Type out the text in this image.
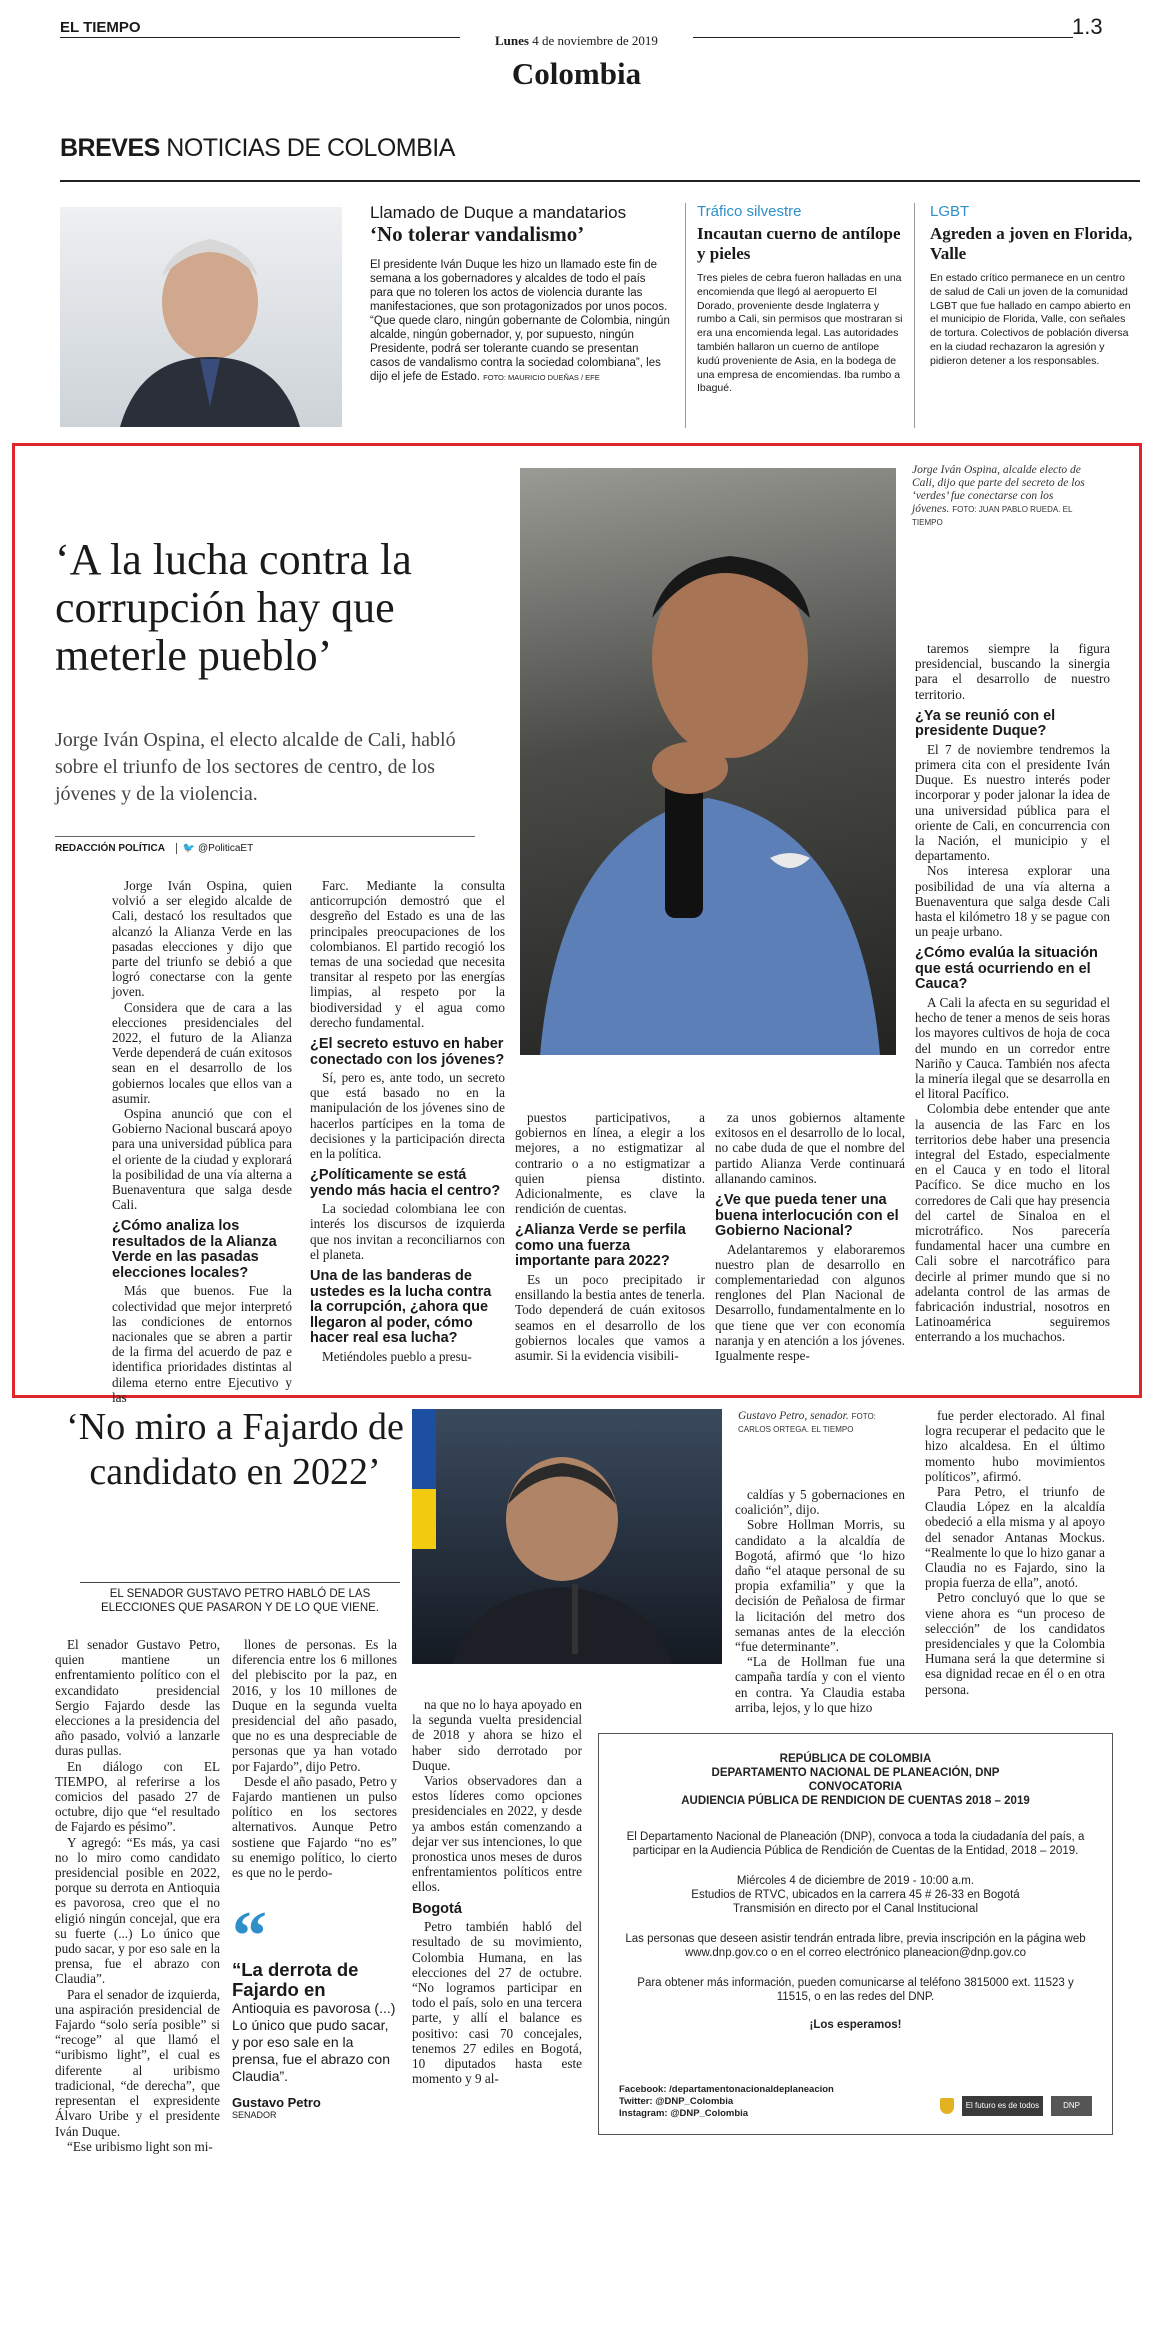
EL TIEMPO
Lunes 4 de noviembre de 2019
1.3
Colombia
BREVES NOTICIAS DE COLOMBIA
Llamado de Duque a mandatarios
‘No tolerar vandalismo’

El presidente Iván Duque les hizo un llamado este fin de semana a los gobernadores y alcaldes de todo el país para que no toleren los actos de violencia durante las manifestaciones, que son protagonizados por unos pocos.

“Que quede claro, ningún gobernante de Colombia, ningún alcalde, ningún gobernador, y, por supuesto, ningún Presidente, podrá ser tolerante cuando se presentan casos de vandalismo contra la sociedad colombiana”, les dijo el jefe de Estado. FOTO: MAURICIO DUEÑAS / EFE

Tráfico silvestre
Incautan cuerno de antílope y pieles
Tres pieles de cebra fueron halladas en una encomienda que llegó al aeropuerto El Dorado, proveniente desde Inglaterra y rumbo a Cali, sin permisos que mostraran si era una encomienda legal. Las autoridades también hallaron un cuerno de antílope kudú proveniente de Asia, en la bodega de una empresa de encomiendas. Iba rumbo a Ibagué.
LGBT
Agreden a joven en Florida, Valle
En estado crítico permanece en un centro de salud de Cali un joven de la comunidad LGBT que fue hallado en campo abierto en el municipio de Florida, Valle, con señales de tortura. Colectivos de población diversa en la ciudad rechazaron la agresión y pidieron detener a los responsables.
‘A la lucha contra la corrupción hay que meterle pueblo’
Jorge Iván Ospina, el electo alcalde de Cali, habló sobre el triunfo de los sectores de centro, de los jóvenes y de la violencia.
REDACCIÓN POLÍTICA 🐦 @PoliticaET
Jorge Iván Ospina, alcalde electo de Cali, dijo que parte del secreto de los ‘verdes’ fue conectarse con los jóvenes. FOTO: JUAN PABLO RUEDA. EL TIEMPO

Jorge Iván Ospina, quien volvió a ser elegido alcalde de Cali, destacó los resultados que alcanzó la Alianza Verde en las pasadas elecciones y dijo que parte del triunfo se debió a que logró conectarse con la gente joven.

Considera que de cara a las elecciones presidenciales del 2022, el futuro de la Alianza Verde dependerá de cuán exitosos sean en el desarrollo de los gobiernos locales que ellos van a asumir.

Ospina anunció que con el Gobierno Nacional buscará apoyo para una universidad pública para el oriente de la ciudad y explorará la posibilidad de una vía alterna a Buenaventura que salga desde Cali.

¿Cómo analiza los resultados de la Alianza Verde en las pasadas elecciones locales?

Más que buenos. Fue la colectividad que mejor interpretó las condiciones de entornos nacionales que se abren a partir de la firma del acuerdo de paz e identifica prioridades distintas al dilema eterno entre Ejecutivo y las

Farc. Mediante la consulta anticorrupción demostró que el desgreño del Estado es una de las principales preocupaciones de los colombianos. El partido recogió los temas de una sociedad que necesita transitar al respeto por las energías limpias, al respeto por la biodiversidad y el agua como derecho fundamental.

¿El secreto estuvo en haber conectado con los jóvenes?

Sí, pero es, ante todo, un secreto que está basado no en la manipulación de los jóvenes sino de hacerlos partícipes en la toma de decisiones y la participación directa en la política.

¿Políticamente se está yendo más hacia el centro?

La sociedad colombiana lee con interés los discursos de izquierda que nos invitan a reconciliarnos con el planeta.

Una de las banderas de ustedes es la lucha contra la corrupción, ¿ahora que llegaron al poder, cómo hacer real esa lucha?

Metiéndoles pueblo a presu-

puestos participativos, a gobiernos en línea, a elegir a los mejores, a no estigmatizar al contrario o a no estigmatizar a quien piensa distinto. Adicionalmente, es clave la rendición de cuentas.

¿Alianza Verde se perfila como una fuerza importante para 2022?

Es un poco precipitado ir ensillando la bestia antes de tenerla. Todo dependerá de cuán exitosos seamos en el desarrollo de los gobiernos locales que vamos a asumir. Si la evidencia visibili-

za unos gobiernos altamente exitosos en el desarrollo de lo local, no cabe duda de que el nombre del partido Alianza Verde continuará allanando caminos.

¿Ve que pueda tener una buena interlocución con el Gobierno Nacional?

Adelantaremos y elaboraremos nuestro plan de desarrollo en complementariedad con algunos renglones del Plan Nacional de Desarrollo, fundamentalmente en lo que tiene que ver con economía naranja y en atención a los jóvenes. Igualmente respe-

taremos siempre la figura presidencial, buscando la sinergia para el desarrollo de nuestro territorio.

¿Ya se reunió con el presidente Duque?

El 7 de noviembre tendremos la primera cita con el presidente Iván Duque. Es nuestro interés poder incorporar y poder jalonar la idea de una universidad pública para el oriente de Cali, en concurrencia con la Nación, el municipio y el departamento.

Nos interesa explorar una posibilidad de una vía alterna a Buenaventura que salga desde Cali hasta el kilómetro 18 y se pague con un peaje urbano.

¿Cómo evalúa la situación que está ocurriendo en el Cauca?

A Cali la afecta en su seguridad el hecho de tener a menos de seis horas los mayores cultivos de hoja de coca del mundo en un corredor entre Nariño y Cauca. También nos afecta la minería ilegal que se desarrolla en el litoral Pacífico.

Colombia debe entender que ante la ausencia de las Farc en los territorios debe haber una presencia integral del Estado, especialmente en el Cauca y en todo el litoral Pacífico. Se dice mucho en los corredores de Cali que hay presencia del cartel de Sinaloa en el microtráfico. Nos parecería fundamental hacer una cumbre en Cali sobre el narcotráfico para decirle al primer mundo que si no adelanta control de las armas de fabricación industrial, nosotros en Latinoamérica seguiremos enterrando a los muchachos.

‘No miro a Fajardo de candidato en 2022’
EL SENADOR GUSTAVO PETRO HABLÓ DE LAS ELECCIONES QUE PASARON Y DE LO QUE VIENE.
Gustavo Petro, senador. FOTO: CARLOS ORTEGA. EL TIEMPO

El senador Gustavo Petro, quien mantiene un enfrentamiento político con el excandidato presidencial Sergio Fajardo desde las elecciones a la presidencia del año pasado, volvió a lanzarle duras pullas.

En diálogo con EL TIEMPO, al referirse a los comicios del pasado 27 de octubre, dijo que “el resultado de Fajardo es pésimo”.

Y agregó: “Es más, ya casi no lo miro como candidato presidencial posible en 2022, porque su derrota en Antioquia es pavorosa, creo que el no eligió ningún concejal, que era su fuerte (...) Lo único que pudo sacar, y por eso sale en la prensa, fue el abrazo con Claudia”.

Para el senador de izquierda, una aspiración presidencial de Fajardo “solo sería posible” si “recoge” al que llamó el “uribismo light”, el cual es diferente al uribismo tradicional, “de derecha”, que representan el expresidente Álvaro Uribe y el presidente Iván Duque.

“Ese uribismo light son mi-

llones de personas. Es la diferencia entre los 6 millones del plebiscito por la paz, en 2016, y los 10 millones de Duque en la segunda vuelta presidencial del año pasado, que no es una despreciable de personas que ya han votado por Fajardo”, dijo Petro.

Desde el año pasado, Petro y Fajardo mantienen un pulso político en los sectores alternativos. Aunque Petro sostiene que Fajardo “no es” su enemigo político, lo cierto es que no le perdo-

“
“La derrota de Fajardo en
Antioquia es pavorosa (...) Lo único que pudo sacar, y por eso sale en la prensa, fue el abrazo con Claudia”.
Gustavo Petro
SENADOR

na que no lo haya apoyado en la segunda vuelta presidencial de 2018 y ahora se hizo el haber sido derrotado por Duque.

Varios observadores dan a estos líderes como opciones presidenciales en 2022, y desde ya ambos están comenzando a dejar ver sus intenciones, lo que pronostica unos meses de duros enfrentamientos políticos entre ellos.

Bogotá

Petro también habló del resultado de su movimiento, Colombia Humana, en las elecciones del 27 de octubre. “No logramos participar en todo el país, solo en una tercera parte, y allí el balance es positivo: casi 70 concejales, tenemos 27 ediles en Bogotá, 10 diputados hasta este momento y 9 al-

caldías y 5 gobernaciones en coalición”, dijo.

Sobre Hollman Morris, su candidato a la alcaldía de Bogotá, afirmó que ‘lo hizo daño “el ataque personal de su propia exfamilia” y que la decisión de Peñalosa de firmar la licitación del metro dos semanas antes de la elección “fue determinante”.

“La de Hollman fue una campaña tardía y con el viento en contra. Ya Claudia estaba arriba, lejos, y lo que hizo

fue perder electorado. Al final logra recuperar el pedacito que le hizo alcaldesa. En el último momento hubo movimientos políticos”, afirmó.

Para Petro, el triunfo de Claudia López en la alcaldía obedeció a ella misma y al apoyo del senador Antanas Mockus. “Realmente lo que lo hizo ganar a Claudia no es Fajardo, sino la propia fuerza de ella”, anotó.

Petro concluyó que lo que se viene ahora es “un proceso de selección” de los candidatos presidenciales y que la Colombia Humana será la que determine si esa dignidad recae en él o en otra persona.

REPÚBLICA DE COLOMBIA
DEPARTAMENTO NACIONAL DE PLANEACIÓN, DNP
CONVOCATORIA
AUDIENCIA PÚBLICA DE RENDICION DE CUENTAS 2018 – 2019
El Departamento Nacional de Planeación (DNP), convoca a toda la ciudadanía del país, a participar en la Audiencia Pública de Rendición de Cuentas de la Entidad, 2018 – 2019.
Miércoles 4 de diciembre de 2019 - 10:00 a.m.
Estudios de RTVC, ubicados en la carrera 45 # 26-33 en Bogotá
Transmisión en directo por el Canal Institucional
Las personas que deseen asistir tendrán entrada libre, previa inscripción en la página web www.dnp.gov.co o en el correo electrónico planeacion@dnp.gov.co
Para obtener más información, pueden comunicarse al teléfono 3815000 ext. 11523 y 11515, o en las redes del DNP.
¡Los esperamos!
Facebook: /departamentonacionaldeplaneacion
Twitter: @DNP_Colombia
Instagram: @DNP_Colombia
El futuro es de todos	DNP
